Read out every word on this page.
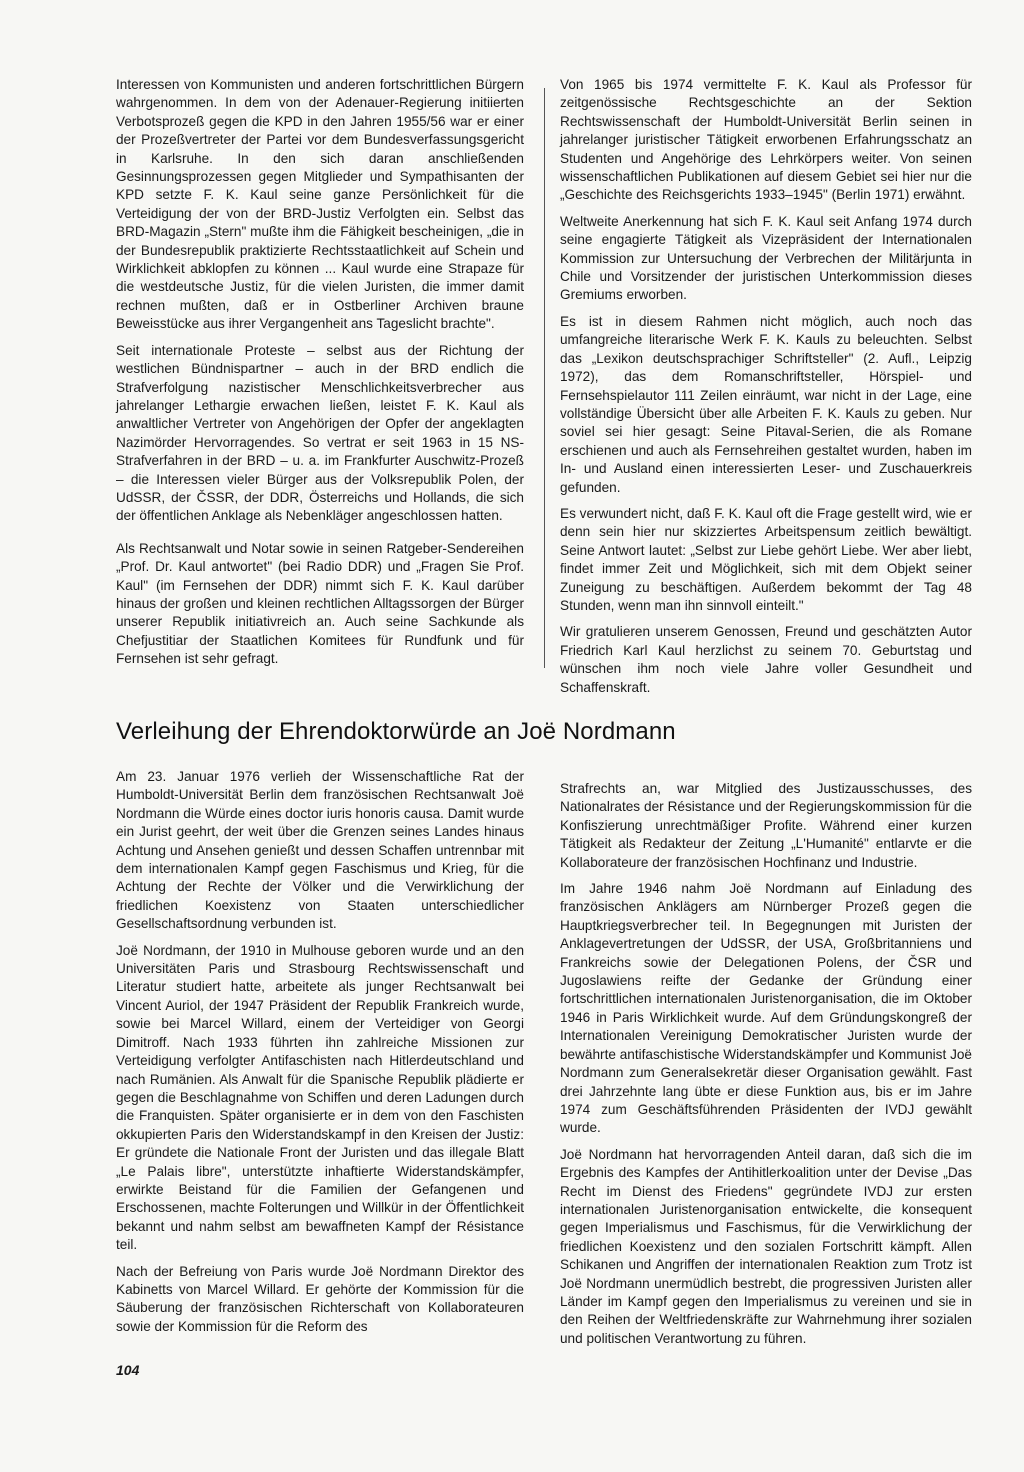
Interessen von Kommunisten und anderen fortschrittlichen Bürgern wahrgenommen. In dem von der Adenauer-Regierung initiierten Verbotsprozeß gegen die KPD in den Jahren 1955/56 war er einer der Prozeßvertreter der Partei vor dem Bundesverfassungsgericht in Karlsruhe. In den sich daran anschließenden Gesinnungsprozessen gegen Mitglieder und Sympathisanten der KPD setzte F. K. Kaul seine ganze Persönlichkeit für die Verteidigung der von der BRD-Justiz Verfolgten ein. Selbst das BRD-Magazin „Stern" mußte ihm die Fähigkeit bescheinigen, „die in der Bundesrepublik praktizierte Rechtsstaatlichkeit auf Schein und Wirklichkeit abklopfen zu können ... Kaul wurde eine Strapaze für die westdeutsche Justiz, für die vielen Juristen, die immer damit rechnen mußten, daß er in Ostberliner Archiven braune Beweisstücke aus ihrer Vergangenheit ans Tageslicht brachte".

Seit internationale Proteste – selbst aus der Richtung der westlichen Bündnispartner – auch in der BRD endlich die Strafverfolgung nazistischer Menschlichkeitsverbrecher aus jahrelanger Lethargie erwachen ließen, leistet F. K. Kaul als anwaltlicher Vertreter von Angehörigen der Opfer der angeklagten Nazimörder Hervorragendes. So vertrat er seit 1963 in 15 NS-Strafverfahren in der BRD – u. a. im Frankfurter Auschwitz-Prozeß – die Interessen vieler Bürger aus der Volksrepublik Polen, der UdSSR, der ČSSR, der DDR, Österreichs und Hollands, die sich der öffentlichen Anklage als Nebenkläger angeschlossen hatten.

Als Rechtsanwalt und Notar sowie in seinen Ratgeber-Sendereihen „Prof. Dr. Kaul antwortet" (bei Radio DDR) und „Fragen Sie Prof. Kaul" (im Fernsehen der DDR) nimmt sich F. K. Kaul darüber hinaus der großen und kleinen rechtlichen Alltagssorgen der Bürger unserer Republik initiativreich an. Auch seine Sachkunde als Chefjustitiar der Staatlichen Komitees für Rundfunk und für Fernsehen ist sehr gefragt.

Von 1965 bis 1974 vermittelte F. K. Kaul als Professor für zeitgenössische Rechtsgeschichte an der Sektion Rechtswissenschaft der Humboldt-Universität Berlin seinen in jahrelanger juristischer Tätigkeit erworbenen Erfahrungsschatz an Studenten und Angehörige des Lehrkörpers weiter. Von seinen wissenschaftlichen Publikationen auf diesem Gebiet sei hier nur die „Geschichte des Reichsgerichts 1933–1945" (Berlin 1971) erwähnt.

Weltweite Anerkennung hat sich F. K. Kaul seit Anfang 1974 durch seine engagierte Tätigkeit als Vizepräsident der Internationalen Kommission zur Untersuchung der Verbrechen der Militärjunta in Chile und Vorsitzender der juristischen Unterkommission dieses Gremiums erworben.

Es ist in diesem Rahmen nicht möglich, auch noch das umfangreiche literarische Werk F. K. Kauls zu beleuchten. Selbst das „Lexikon deutschsprachiger Schriftsteller" (2. Aufl., Leipzig 1972), das dem Romanschriftsteller, Hörspiel- und Fernsehspielautor 111 Zeilen einräumt, war nicht in der Lage, eine vollständige Übersicht über alle Arbeiten F. K. Kauls zu geben. Nur soviel sei hier gesagt: Seine Pitaval-Serien, die als Romane erschienen und auch als Fernsehreihen gestaltet wurden, haben im In- und Ausland einen interessierten Leser- und Zuschauerkreis gefunden.

Es verwundert nicht, daß F. K. Kaul oft die Frage gestellt wird, wie er denn sein hier nur skizziertes Arbeitspensum zeitlich bewältigt. Seine Antwort lautet: „Selbst zur Liebe gehört Liebe. Wer aber liebt, findet immer Zeit und Möglichkeit, sich mit dem Objekt seiner Zuneigung zu beschäftigen. Außerdem bekommt der Tag 48 Stunden, wenn man ihn sinnvoll einteilt."

Wir gratulieren unserem Genossen, Freund und geschätzten Autor Friedrich Karl Kaul herzlichst zu seinem 70. Geburtstag und wünschen ihm noch viele Jahre voller Gesundheit und Schaffenskraft.

Verleihung der Ehrendoktorwürde an Joë Nordmann

Am 23. Januar 1976 verlieh der Wissenschaftliche Rat der Humboldt-Universität Berlin dem französischen Rechtsanwalt Joë Nordmann die Würde eines doctor iuris honoris causa. Damit wurde ein Jurist geehrt, der weit über die Grenzen seines Landes hinaus Achtung und Ansehen genießt und dessen Schaffen untrennbar mit dem internationalen Kampf gegen Faschismus und Krieg, für die Achtung der Rechte der Völker und die Verwirklichung der friedlichen Koexistenz von Staaten unterschiedlicher Gesellschaftsordnung verbunden ist.

Joë Nordmann, der 1910 in Mulhouse geboren wurde und an den Universitäten Paris und Strasbourg Rechtswissenschaft und Literatur studiert hatte, arbeitete als junger Rechtsanwalt bei Vincent Auriol, der 1947 Präsident der Republik Frankreich wurde, sowie bei Marcel Willard, einem der Verteidiger von Georgi Dimitroff. Nach 1933 führten ihn zahlreiche Missionen zur Verteidigung verfolgter Antifaschisten nach Hitlerdeutschland und nach Rumänien. Als Anwalt für die Spanische Republik plädierte er gegen die Beschlagnahme von Schiffen und deren Ladungen durch die Franquisten. Später organisierte er in dem von den Faschisten okkupierten Paris den Widerstandskampf in den Kreisen der Justiz: Er gründete die Nationale Front der Juristen und das illegale Blatt „Le Palais libre", unterstützte inhaftierte Widerstandskämpfer, erwirkte Beistand für die Familien der Gefangenen und Erschossenen, machte Folterungen und Willkür in der Öffentlichkeit bekannt und nahm selbst am bewaffneten Kampf der Résistance teil.

Nach der Befreiung von Paris wurde Joë Nordmann Direktor des Kabinetts von Marcel Willard. Er gehörte der Kommission für die Säuberung der französischen Richterschaft von Kollaborateuren sowie der Kommission für die Reform des

Strafrechts an, war Mitglied des Justizausschusses, des Nationalrates der Résistance und der Regierungskommission für die Konfiszierung unrechtmäßiger Profite. Während einer kurzen Tätigkeit als Redakteur der Zeitung „L'Humanité" entlarvte er die Kollaborateure der französischen Hochfinanz und Industrie.

Im Jahre 1946 nahm Joë Nordmann auf Einladung des französischen Anklägers am Nürnberger Prozeß gegen die Hauptkriegsverbrecher teil. In Begegnungen mit Juristen der Anklagevertretungen der UdSSR, der USA, Großbritanniens und Frankreichs sowie der Delegationen Polens, der ČSR und Jugoslawiens reifte der Gedanke der Gründung einer fortschrittlichen internationalen Juristenorganisation, die im Oktober 1946 in Paris Wirklichkeit wurde. Auf dem Gründungskongreß der Internationalen Vereinigung Demokratischer Juristen wurde der bewährte antifaschistische Widerstandskämpfer und Kommunist Joë Nordmann zum Generalsekretär dieser Organisation gewählt. Fast drei Jahrzehnte lang übte er diese Funktion aus, bis er im Jahre 1974 zum Geschäftsführenden Präsidenten der IVDJ gewählt wurde.

Joë Nordmann hat hervorragenden Anteil daran, daß sich die im Ergebnis des Kampfes der Antihitlerkoalition unter der Devise „Das Recht im Dienst des Friedens" gegründete IVDJ zur ersten internationalen Juristenorganisation entwickelte, die konsequent gegen Imperialismus und Faschismus, für die Verwirklichung der friedlichen Koexistenz und den sozialen Fortschritt kämpft. Allen Schikanen und Angriffen der internationalen Reaktion zum Trotz ist Joë Nordmann unermüdlich bestrebt, die progressiven Juristen aller Länder im Kampf gegen den Imperialismus zu vereinen und sie in den Reihen der Weltfriedenskräfte zur Wahrnehmung ihrer sozialen und politischen Verantwortung zu führen.

104
